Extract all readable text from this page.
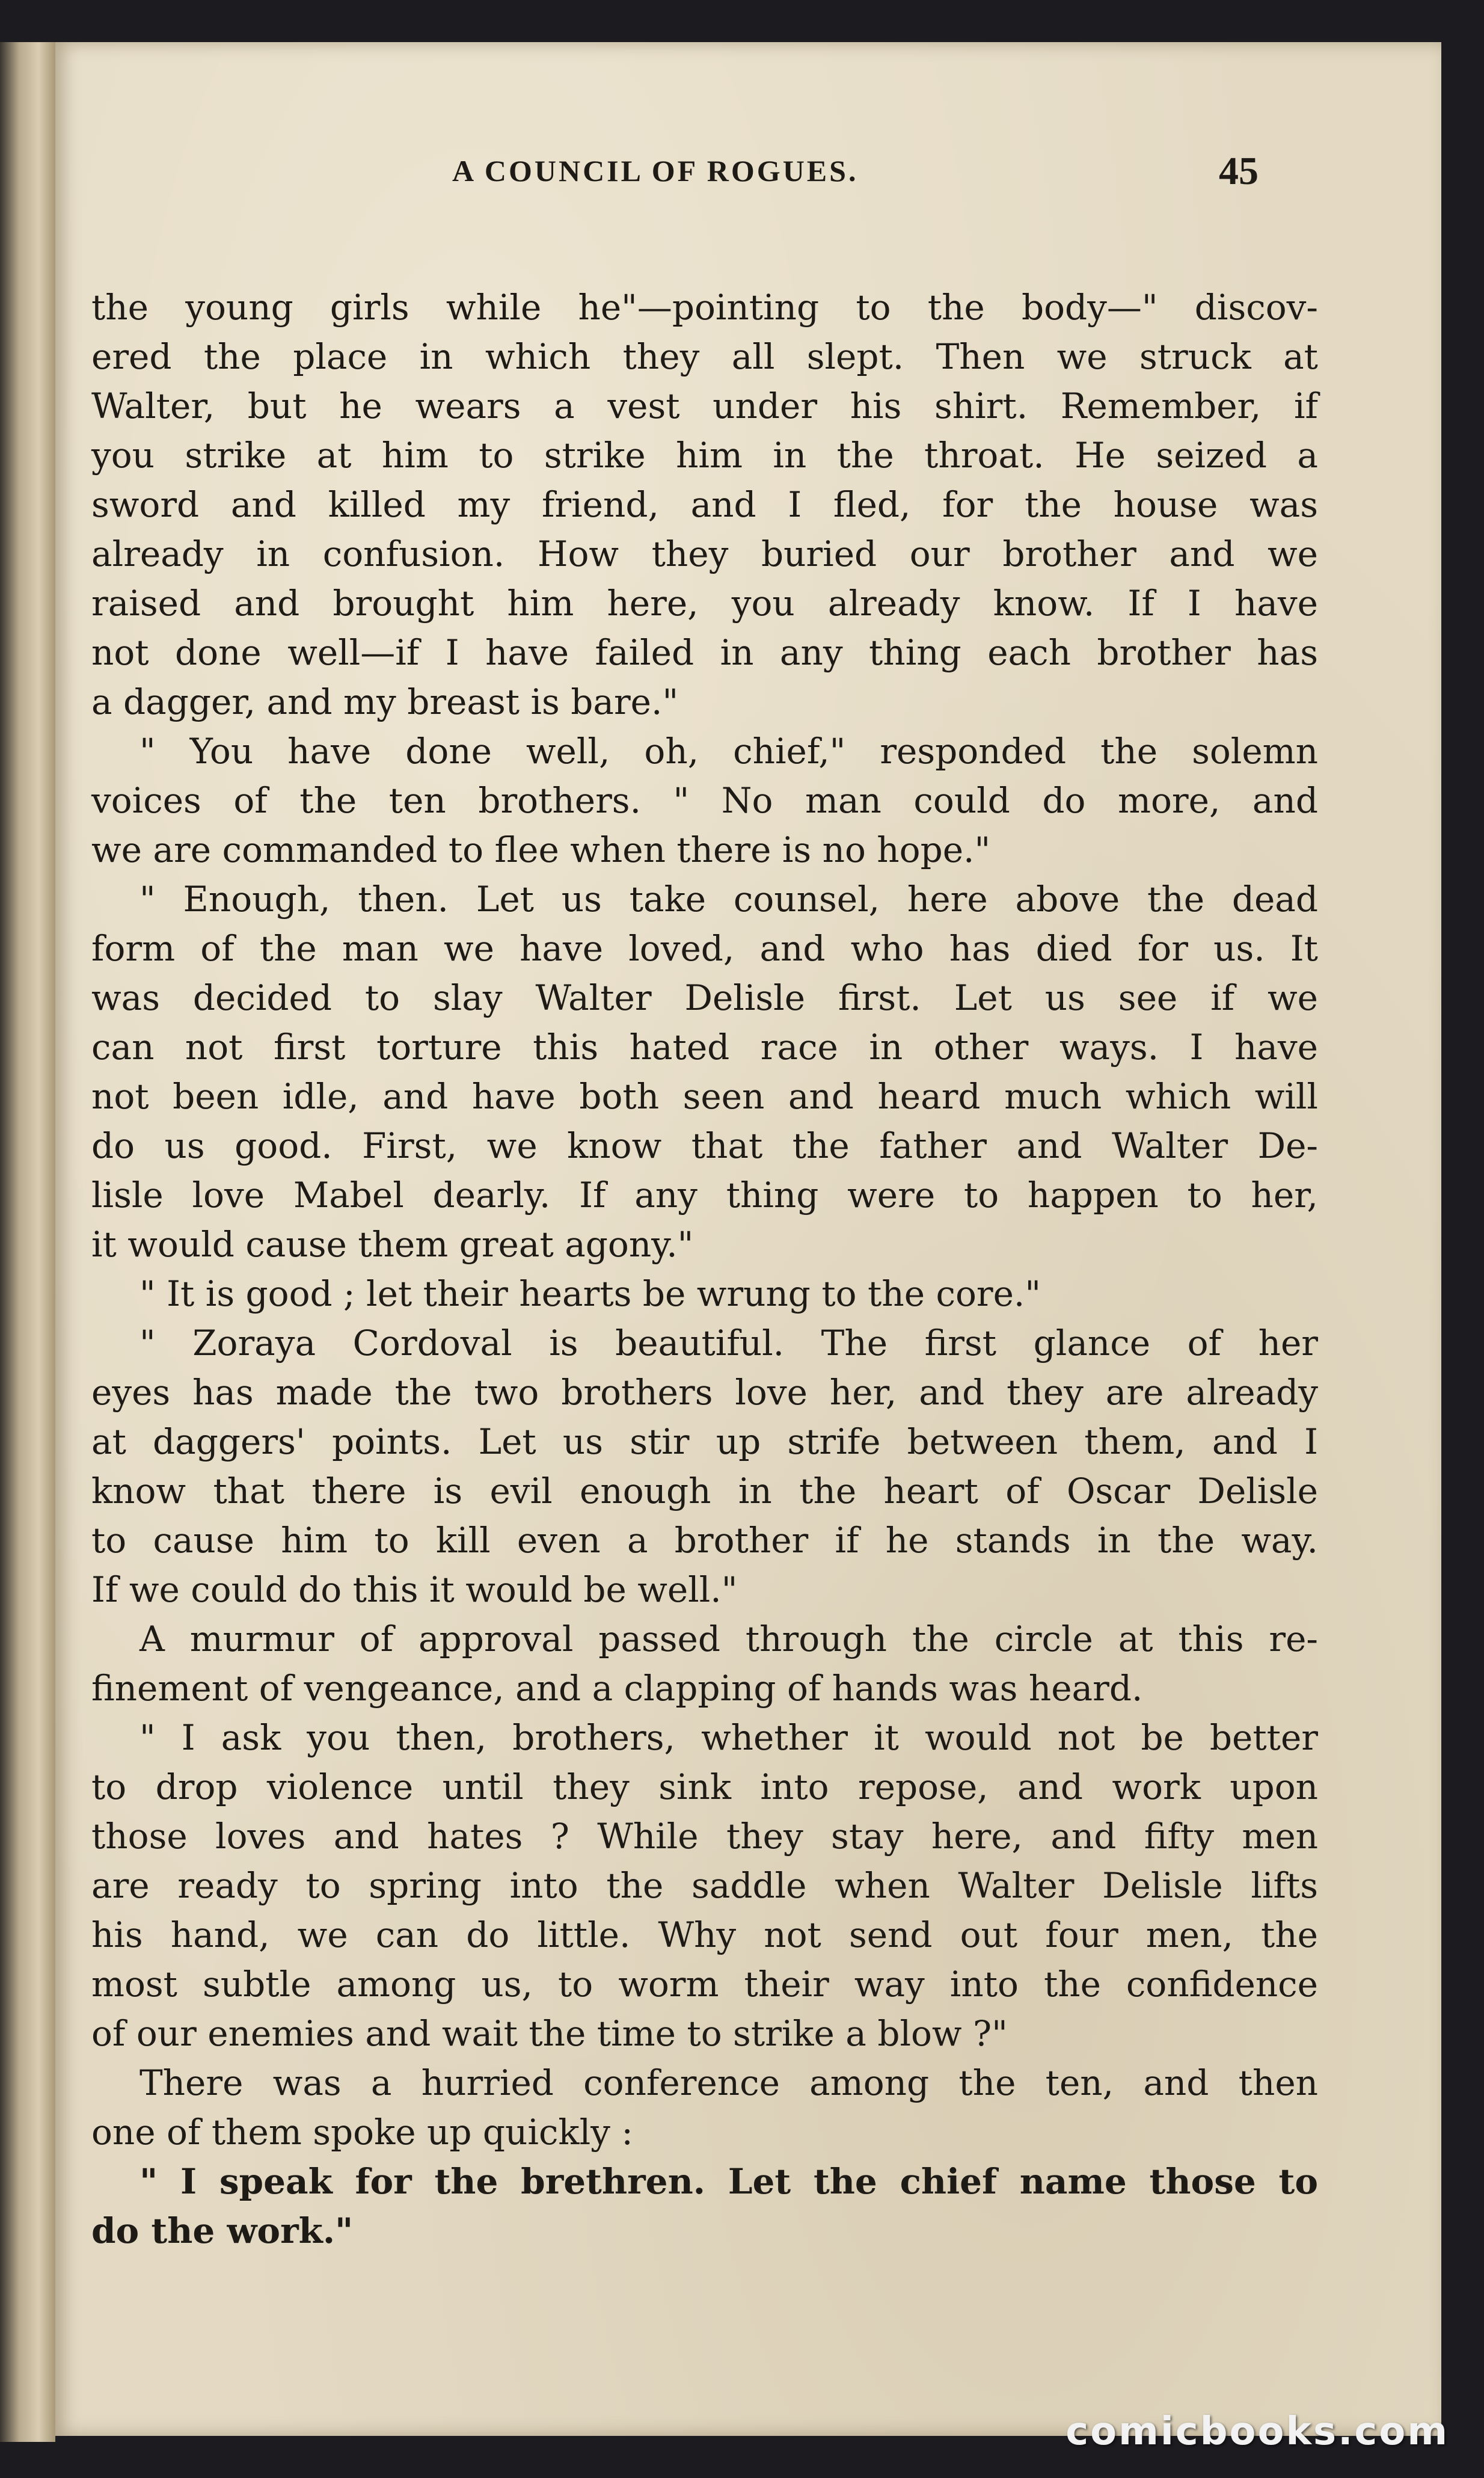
A COUNCIL OF ROGUES.	45
the young girls while he"—pointing to the body—" discov-
ered the place in which they all slept. Then we struck at
Walter, but he wears a vest under his shirt. Remember, if
you strike at him to strike him in the throat. He seized a
sword and killed my friend, and I fled, for the house was
already in confusion. How they buried our brother and we
raised and brought him here, you already know. If I have
not done well—if I have failed in any thing each brother has
a dagger, and my breast is bare."
" You have done well, oh, chief," responded the solemn
voices of the ten brothers. " No man could do more, and
we are commanded to flee when there is no hope."
" Enough, then. Let us take counsel, here above the dead
form of the man we have loved, and who has died for us. It
was decided to slay Walter Delisle first. Let us see if we
can not first torture this hated race in other ways. I have
not been idle, and have both seen and heard much which will
do us good. First, we know that the father and Walter De-
lisle love Mabel dearly. If any thing were to happen to her,
it would cause them great agony."
" It is good ; let their hearts be wrung to the core."
" Zoraya Cordoval is beautiful. The first glance of her
eyes has made the two brothers love her, and they are already
at daggers' points. Let us stir up strife between them, and I
know that there is evil enough in the heart of Oscar Delisle
to cause him to kill even a brother if he stands in the way.
If we could do this it would be well."
A murmur of approval passed through the circle at this re-
finement of vengeance, and a clapping of hands was heard.
" I ask you then, brothers, whether it would not be better
to drop violence until they sink into repose, and work upon
those loves and hates ? While they stay here, and fifty men
are ready to spring into the saddle when Walter Delisle lifts
his hand, we can do little. Why not send out four men, the
most subtle among us, to worm their way into the confidence
of our enemies and wait the time to strike a blow ?"
There was a hurried conference among the ten, and then
one of them spoke up quickly :
" I speak for the brethren. Let the chief name those to
do the work."
comicbooks.com
